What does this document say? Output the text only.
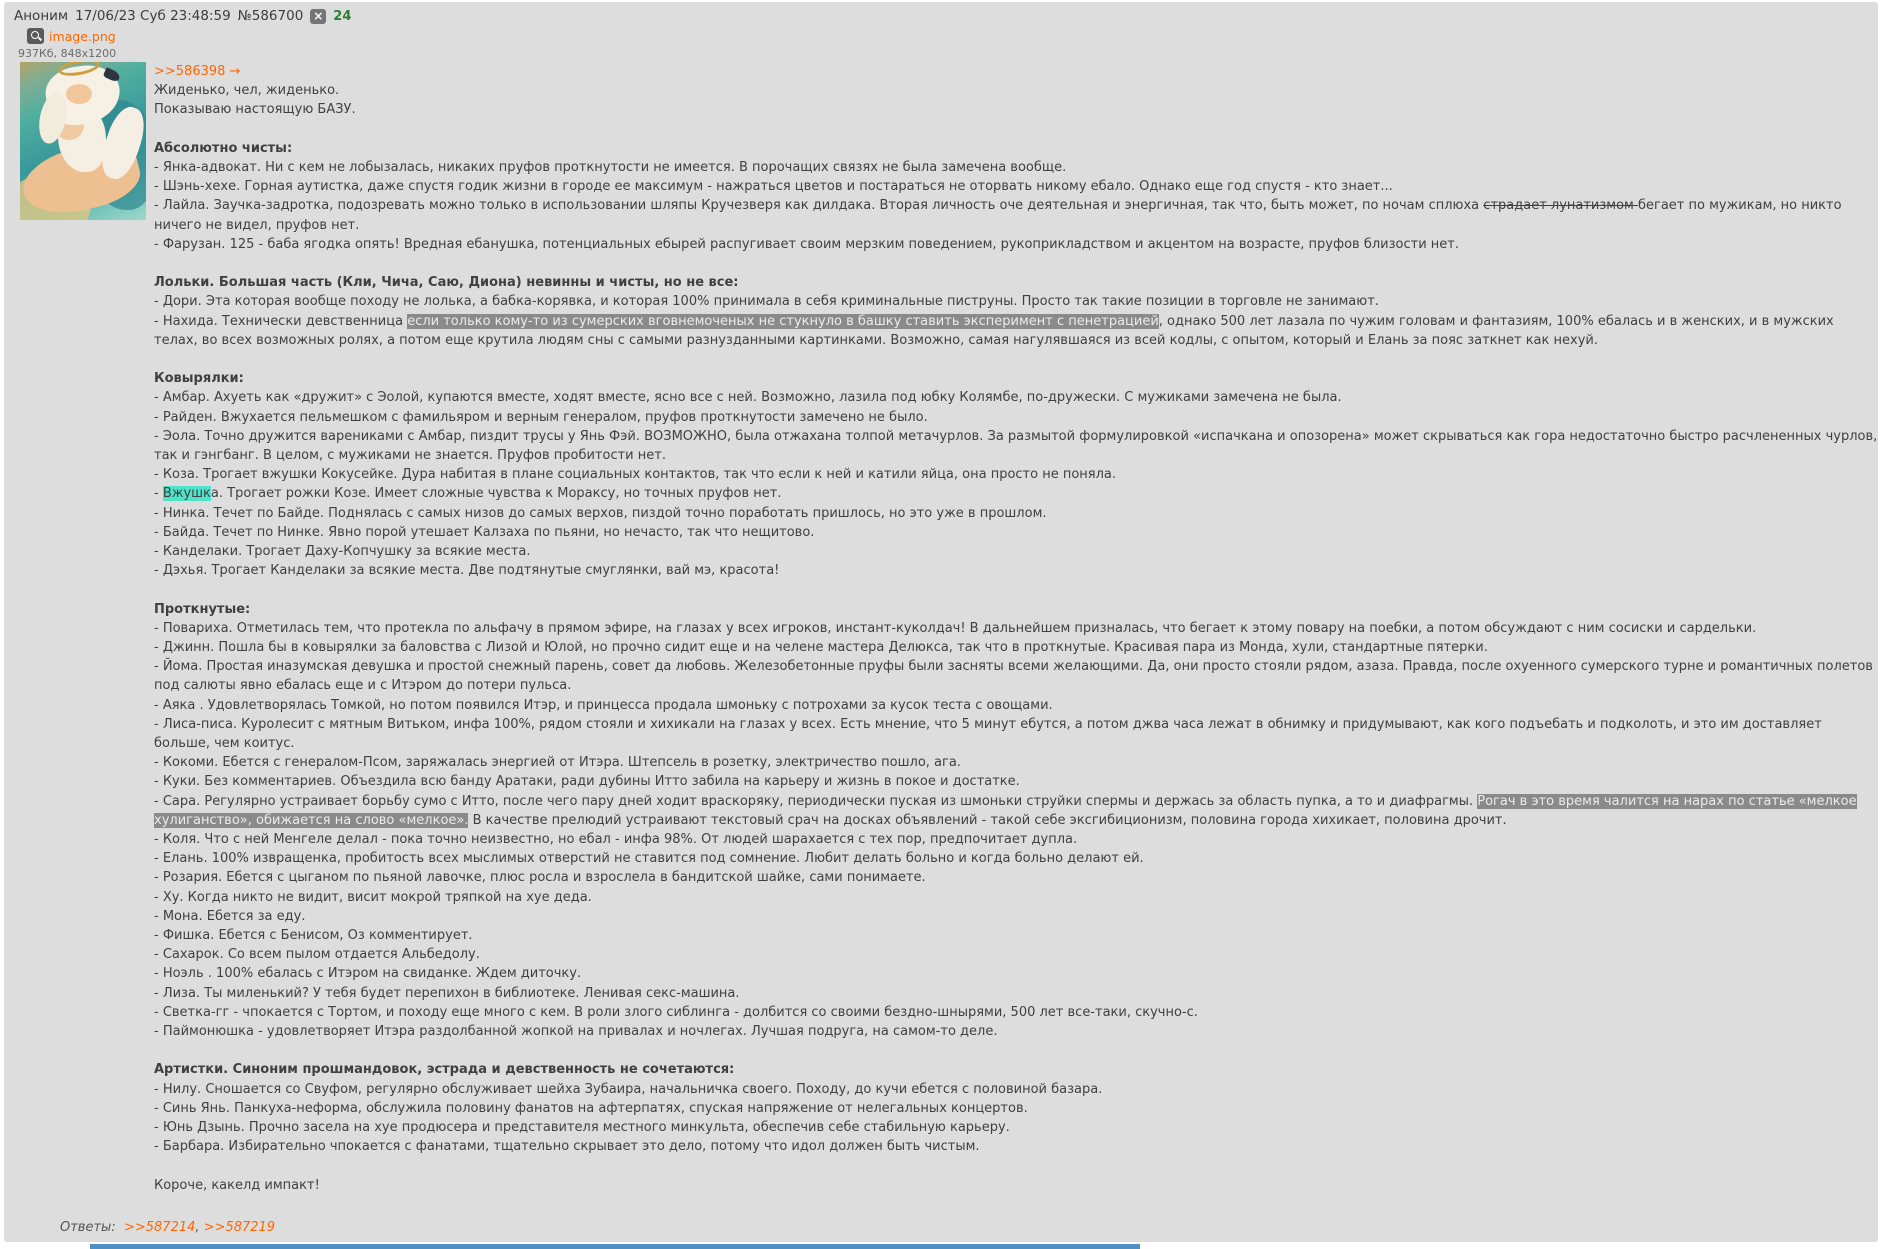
Аноним 17/06/23 Суб 23:48:59 №586700 × 24
image.png
937Кб, 848x1200
>>586398 →
Жиденько, чел, жиденько.
Показываю настоящую БАЗУ.
Абсолютно чисты:
- Янка-адвокат. Ни с кем не лобызалась, никаких пруфов проткнутости не имеется. В порочащих связях не была замечена вообще.
- Шэнь-хехе. Горная аутистка, даже спустя годик жизни в городе ее максимум - нажраться цветов и постараться не оторвать никому ебало. Однако еще год спустя - кто знает...
- Лайла. Заучка-задротка, подозревать можно только в использовании шляпы Кручезверя как дилдака. Вторая личность оче деятельная и энергичная, так что, быть может, по ночам сплюха страдает лунатизмом бегает по мужикам, но никто ничего не видел, пруфов нет.
- Фарузан. 125 - баба ягодка опять! Вредная ебанушка, потенциальных ебырей распугивает своим мерзким поведением, рукоприкладством и акцентом на возрасте, пруфов близости нет.
Лольки. Большая часть (Кли, Чича, Саю, Диона) невинны и чисты, но не все:
- Дори. Эта которая вообще походу не лолька, а бабка-корявка, и которая 100% принимала в себя криминальные пиструны. Просто так такие позиции в торговле не занимают.
- Нахида. Технически девственница если только кому-то из сумерских вговнемоченых не стукнуло в башку ставить эксперимент с пенетрацией, однако 500 лет лазала по чужим головам и фантазиям, 100% ебалась и в женских, и в мужских телах, во всех возможных ролях, а потом еще крутила людям сны с самыми разнузданными картинками. Возможно, самая нагулявшаяся из всей кодлы, с опытом, который и Елань за пояс заткнет как нехуй.
Ковырялки:
- Амбар. Ахуеть как «дружит» с Эолой, купаются вместе, ходят вместе, ясно все с ней. Возможно, лазила под юбку Колямбе, по-дружески. С мужиками замечена не была.
- Райден. Вжухается пельмешком с фамильяром и верным генералом, пруфов проткнутости замечено не было.
- Эола. Точно дружится варениками с Амбар, пиздит трусы у Янь Фэй. ВОЗМОЖНО, была отжахана толпой метачурлов. За размытой формулировкой «испачкана и опозорена» может скрываться как гора недостаточно быстро расчлененных чурлов, так и гэнгбанг. В целом, с мужиками не знается. Пруфов пробитости нет.
- Коза. Трогает вжушки Кокусейке. Дура набитая в плане социальных контактов, так что если к ней и катили яйца, она просто не поняла.
- Вжушка. Трогает рожки Козе. Имеет сложные чувства к Мораксу, но точных пруфов нет.
- Нинка. Течет по Байде. Поднялась с самых низов до самых верхов, пиздой точно поработать пришлось, но это уже в прошлом.
- Байда. Течет по Нинке. Явно порой утешает Калзаха по пьяни, но нечасто, так что нещитово.
- Канделаки. Трогает Даху-Копчушку за всякие места.
- Дэхья. Трогает Канделаки за всякие места. Две подтянутые смуглянки, вай мэ, красота!
Проткнутые:
- Повариха. Отметилась тем, что протекла по альфачу в прямом эфире, на глазах у всех игроков, инстант-куколдач! В дальнейшем призналась, что бегает к этому повару на поебки, а потом обсуждают с ним сосиски и сардельки.
- Джинн. Пошла бы в ковырялки за баловства с Лизой и Юлой, но прочно сидит еще и на челене мастера Делюкса, так что в проткнутые. Красивая пара из Монда, хули, стандартные пятерки.
- Йома. Простая иназумская девушка и простой снежный парень, совет да любовь. Железобетонные пруфы были засняты всеми желающими. Да, они просто стояли рядом, азаза. Правда, после охуенного сумерского турне и романтичных полетов под салюты явно ебалась еще и с Итэром до потери пульса.
- Аяка . Удовлетворялась Томкой, но потом появился Итэр, и принцесса продала шмоньку с потрохами за кусок теста с овощами.
- Лиса-писа. Куролесит с мятным Витьком, инфа 100%, рядом стояли и хихикали на глазах у всех. Есть мнение, что 5 минут ебутся, а потом джва часа лежат в обнимку и придумывают, как кого подъебать и подколоть, и это им доставляет больше, чем коитус.
- Кокоми. Ебется с генералом-Псом, заряжалась энергией от Итэра. Штепсель в розетку, электричество пошло, ага.
- Куки. Без комментариев. Объездила всю банду Аратаки, ради дубины Итто забила на карьеру и жизнь в покое и достатке.
- Сара. Регулярно устраивает борьбу сумо с Итто, после чего пару дней ходит враскоряку, периодически пуская из шмоньки струйки спермы и держась за область пупка, а то и диафрагмы. Рогач в это время чалится на нарах по статье «мелкое хулиганство», обижается на слово «мелкое». В качестве прелюдий устраивают текстовый срач на досках объявлений - такой себе эксгибиционизм, половина города хихикает, половина дрочит.
- Коля. Что с ней Менгеле делал - пока точно неизвестно, но ебал - инфа 98%. От людей шарахается с тех пор, предпочитает дупла.
- Елань. 100% извращенка, пробитость всех мыслимых отверстий не ставится под сомнение. Любит делать больно и когда больно делают ей.
- Розария. Ебется с цыганом по пьяной лавочке, плюс росла и взрослела в бандитской шайке, сами понимаете.
- Ху. Когда никто не видит, висит мокрой тряпкой на хуе деда.
- Мона. Ебется за еду.
- Фишка. Ебется с Бенисом, Оз комментирует.
- Сахарок. Со всем пылом отдается Альбедолу.
- Ноэль . 100% ебалась с Итэром на свиданке. Ждем диточку.
- Лиза. Ты миленький? У тебя будет перепихон в библиотеке. Ленивая секс-машина.
- Светка-гг - чпокается с Тортом, и походу еще много с кем. В роли злого сиблинга - долбится со своими бездно-шнырями, 500 лет все-таки, скучно-с.
- Паймонюшка - удовлетворяет Итэра раздолбанной жопкой на привалах и ночлегах. Лучшая подруга, на самом-то деле.
Артистки. Синоним прошмандовок, эстрада и девственность не сочетаются:
- Нилу. Сношается со Свуфом, регулярно обслуживает шейха Зубаира, начальничка своего. Походу, до кучи ебется с половиной базара.
- Синь Янь. Панкуха-неформа, обслужила половину фанатов на афтерпатях, спуская напряжение от нелегальных концертов.
- Юнь Дзынь. Прочно засела на хуе продюсера и представителя местного минкульта, обеспечив себе стабильную карьеру.
- Барбара. Избирательно чпокается с фанатами, тщательно скрывает это дело, потому что идол должен быть чистым.
Короче, какелд импакт!
Ответы: >>587214, >>587219
